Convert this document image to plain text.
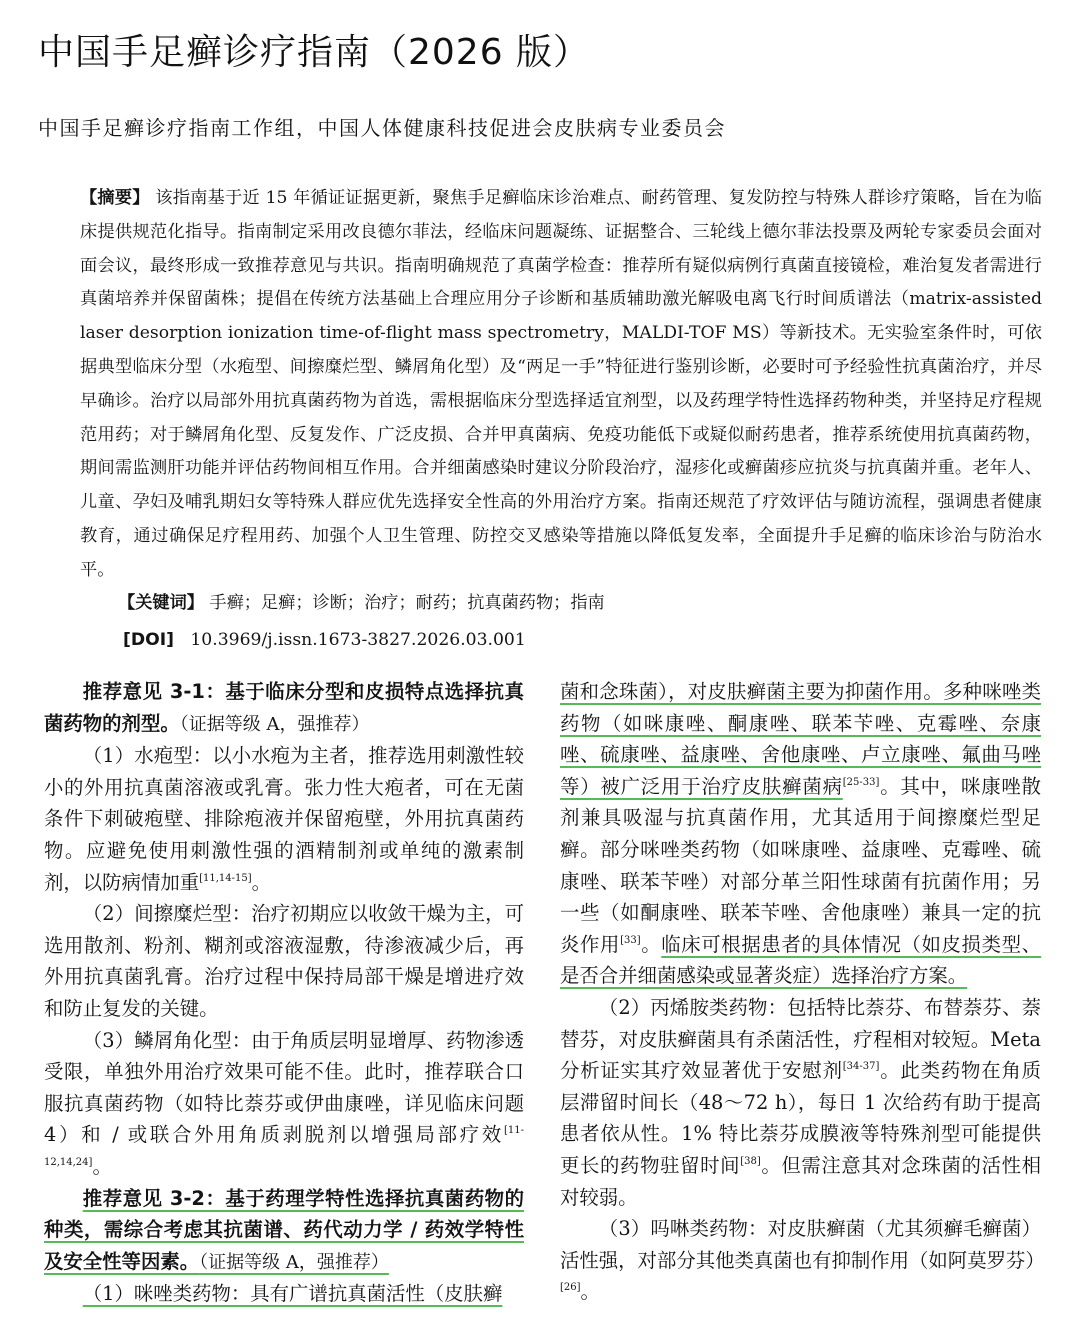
中国手足癣诊疗指南（2026 版）
中国手足癣诊疗指南工作组，中国人体健康科技促进会皮肤病专业委员会

【摘要】 该指南基于近 15 年循证证据更新，聚焦手足癣临床诊治难点、耐药管理、复发防控与特殊人群诊疗策略，旨在为临床提供规范化指导。指南制定采用改良德尔菲法，经临床问题凝练、证据整合、三轮线上德尔菲法投票及两轮专家委员会面对面会议，最终形成一致推荐意见与共识。指南明确规范了真菌学检查：推荐所有疑似病例行真菌直接镜检，难治复发者需进行真菌培养并保留菌株；提倡在传统方法基础上合理应用分子诊断和基质辅助激光解吸电离飞行时间质谱法（matrix-assisted laser desorption ionization time-of-flight mass spectrometry，MALDI-TOF MS）等新技术。无实验室条件时，可依据典型临床分型（水疱型、间擦糜烂型、鳞屑角化型）及“两足一手”特征进行鉴别诊断，必要时可予经验性抗真菌治疗，并尽早确诊。治疗以局部外用抗真菌药物为首选，需根据临床分型选择适宜剂型，以及药理学特性选择药物种类，并坚持足疗程规范用药；对于鳞屑角化型、反复发作、广泛皮损、合并甲真菌病、免疫功能低下或疑似耐药患者，推荐系统使用抗真菌药物，期间需监测肝功能并评估药物间相互作用。合并细菌感染时建议分阶段治疗，湿疹化或癣菌疹应抗炎与抗真菌并重。老年人、儿童、孕妇及哺乳期妇女等特殊人群应优先选择安全性高的外用治疗方案。指南还规范了疗效评估与随访流程，强调患者健康教育，通过确保足疗程用药、加强个人卫生管理、防控交叉感染等措施以降低复发率，全面提升手足癣的临床诊治与防治水平。

【关键词】 手癣；足癣；诊断；治疗；耐药；抗真菌药物；指南
[DOI] 10.3969/j.issn.1673-3827.2026.03.001

推荐意见 3-1：基于临床分型和皮损特点选择抗真菌药物的剂型。（证据等级 A，强推荐）

（1）水疱型：以小水疱为主者，推荐选用刺激性较小的外用抗真菌溶液或乳膏。张力性大疱者，可在无菌条件下刺破疱壁、排除疱液并保留疱壁，外用抗真菌药物。应避免使用刺激性强的酒精制剂或单纯的激素制剂，以防病情加重[11,14-15]。

（2）间擦糜烂型：治疗初期应以收敛干燥为主，可选用散剂、粉剂、糊剂或溶液湿敷，待渗液减少后，再外用抗真菌乳膏。治疗过程中保持局部干燥是增进疗效和防止复发的关键。

（3）鳞屑角化型：由于角质层明显增厚、药物渗透受限，单独外用治疗效果可能不佳。此时，推荐联合口服抗真菌药物（如特比萘芬或伊曲康唑，详见临床问题 4）和 / 或联合外用角质剥脱剂以增强局部疗效[11-12,14,24]。

推荐意见 3-2：基于药理学特性选择抗真菌药物的种类，需综合考虑其抗菌谱、药代动力学 / 药效学特性及安全性等因素。（证据等级 A，强推荐）

（1）咪唑类药物：具有广谱抗真菌活性（皮肤癣

菌和念珠菌），对皮肤癣菌主要为抑菌作用。多种咪唑类药物（如咪康唑、酮康唑、联苯苄唑、克霉唑、奈康唑、硫康唑、益康唑、舍他康唑、卢立康唑、氟曲马唑等）被广泛用于治疗皮肤癣菌病[25-33]。其中，咪康唑散剂兼具吸湿与抗真菌作用，尤其适用于间擦糜烂型足癣。部分咪唑类药物（如咪康唑、益康唑、克霉唑、硫康唑、联苯苄唑）对部分革兰阳性球菌有抗菌作用；另一些（如酮康唑、联苯苄唑、舍他康唑）兼具一定的抗炎作用[33]。临床可根据患者的具体情况（如皮损类型、是否合并细菌感染或显著炎症）选择治疗方案。

（2）丙烯胺类药物：包括特比萘芬、布替萘芬、萘替芬，对皮肤癣菌具有杀菌活性，疗程相对较短。Meta 分析证实其疗效显著优于安慰剂[34-37]。此类药物在角质层滞留时间长（48～72 h），每日 1 次给药有助于提高患者依从性。1% 特比萘芬成膜液等特殊剂型可能提供更长的药物驻留时间[38]。但需注意其对念珠菌的活性相对较弱。

（3）吗啉类药物：对皮肤癣菌（尤其须癣毛癣菌）活性强，对部分其他类真菌也有抑制作用（如阿莫罗芬）[26]。
